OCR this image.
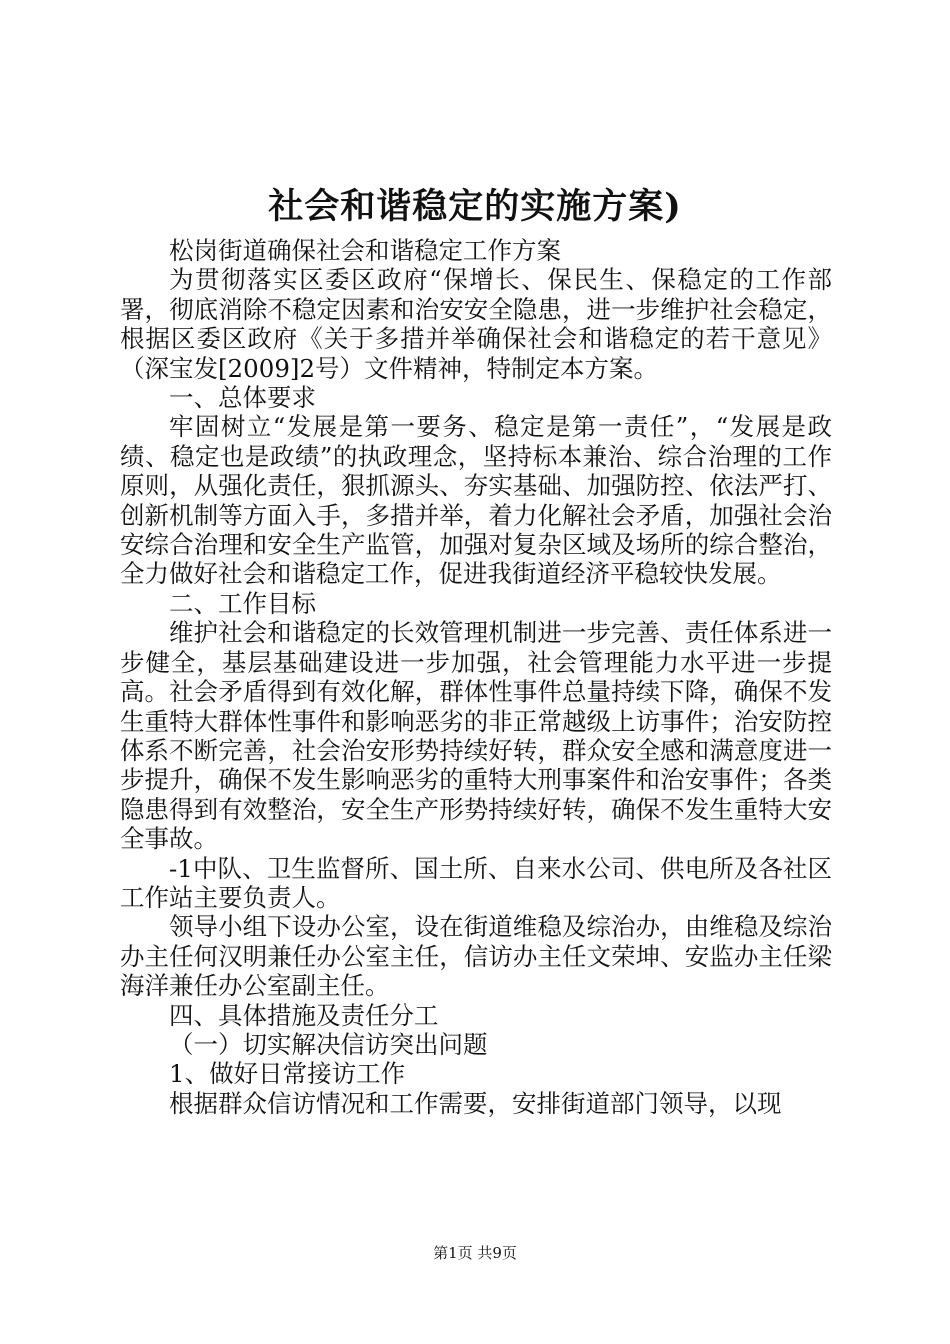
社会和谐稳定的实施方案)

松岗街道确保社会和谐稳定工作方案

为贯彻落实区委区政府“保增长、保民生、保稳定的工作部署，彻底消除不稳定因素和治安安全隐患，进一步维护社会稳定，根据区委区政府《关于多措并举确保社会和谐稳定的若干意见》（深宝发[2009]2号）文件精神，特制定本方案。

一、总体要求

牢固树立“发展是第一要务、稳定是第一责任”，“发展是政绩、稳定也是政绩”的执政理念，坚持标本兼治、综合治理的工作原则，从强化责任，狠抓源头、夯实基础、加强防控、依法严打、创新机制等方面入手，多措并举，着力化解社会矛盾，加强社会治安综合治理和安全生产监管，加强对复杂区域及场所的综合整治，全力做好社会和谐稳定工作，促进我街道经济平稳较快发展。

二、工作目标

维护社会和谐稳定的长效管理机制进一步完善、责任体系进一步健全，基层基础建设进一步加强，社会管理能力水平进一步提高。社会矛盾得到有效化解，群体性事件总量持续下降，确保不发生重特大群体性事件和影响恶劣的非正常越级上访事件；治安防控体系不断完善，社会治安形势持续好转，群众安全感和满意度进一步提升，确保不发生影响恶劣的重特大刑事案件和治安事件；各类隐患得到有效整治，安全生产形势持续好转，确保不发生重特大安全事故。

-1中队、卫生监督所、国土所、自来水公司、供电所及各社区工作站主要负责人。

领导小组下设办公室，设在街道维稳及综治办，由维稳及综治办主任何汉明兼任办公室主任，信访办主任文荣坤、安监办主任梁海洋兼任办公室副主任。

四、具体措施及责任分工

（一）切实解决信访突出问题

1、做好日常接访工作

根据群众信访情况和工作需要，安排街道部门领导，以现

第1页 共9页
